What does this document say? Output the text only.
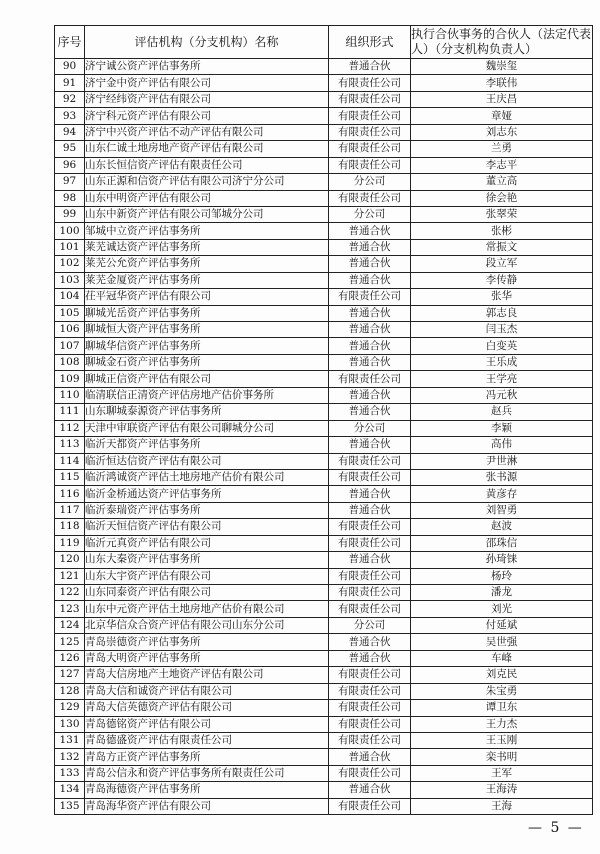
序号	评估机构（分支机构）名称	组织形式	执行合伙事务的合伙人（法定代表人）（分支机构负责人）
90	济宁诚公资产评估事务所	普通合伙	魏崇玺
91	济宁金中资产评估有限公司	有限责任公司	李联伟
92	济宁经纬资产评估有限公司	有限责任公司	王庆昌
93	济宁科元资产评估有限公司	有限责任公司	章娅
94	济宁中兴资产评估不动产评估有限公司	有限责任公司	刘志东
95	山东仁诚土地房地产资产评估有限公司	有限责任公司	兰勇
96	山东长恒信资产评估有限责任公司	有限责任公司	李志平
97	山东正源和信资产评估有限公司济宁分公司	分公司	董立高
98	山东中明资产评估有限公司	有限责任公司	徐会艳
99	山东中新资产评估有限公司邹城分公司	分公司	张翠荣
100	邹城中立资产评估事务所	普通合伙	张彬
101	莱芜诚达资产评估事务所	普通合伙	常振文
102	莱芜公允资产评估事务所	普通合伙	段立军
103	莱芜金厦资产评估事务所	普通合伙	李传静
104	茌平冠华资产评估有限公司	有限责任公司	张华
105	聊城光岳资产评估事务所	普通合伙	郭志良
106	聊城恒大资产评估事务所	普通合伙	闫玉杰
107	聊城华信资产评估事务所	普通合伙	白变英
108	聊城金石资产评估事务所	普通合伙	王乐成
109	聊城正信资产评估有限公司	有限责任公司	王学亮
110	临清联信正清资产评估房地产估价事务所	普通合伙	冯元秋
111	山东聊城泰源资产评估事务所	普通合伙	赵兵
112	天津中审联资产评估有限公司聊城分公司	分公司	李颖
113	临沂天都资产评估事务所	普通合伙	高伟
114	临沂恒达信资产评估有限公司	有限责任公司	尹世淋
115	临沂鸿诚资产评估土地房地产估价有限公司	有限责任公司	张书源
116	临沂金桥通达资产评估事务所	普通合伙	黄彦存
117	临沂泰瑞资产评估事务所	普通合伙	刘智勇
118	临沂天恒信资产评估有限公司	有限责任公司	赵波
119	临沂元真资产评估有限公司	有限责任公司	邵珠信
120	山东大秦资产评估事务所	普通合伙	孙琦铼
121	山东大宇资产评估有限公司	有限责任公司	杨玲
122	山东同泰资产评估有限公司	有限责任公司	潘龙
123	山东中元资产评估土地房地产估价有限公司	有限责任公司	刘光
124	北京华信众合资产评估有限公司山东分公司	分公司	付延斌
125	青岛崇德资产评估事务所	普通合伙	吴世强
126	青岛大明资产评估事务所	普通合伙	车峰
127	青岛大信房地产土地资产评估有限公司	有限责任公司	刘克民
128	青岛大信和诚资产评估有限公司	有限责任公司	朱宝勇
129	青岛大信英德资产评估有限公司	有限责任公司	谭卫东
130	青岛德铭资产评估有限公司	有限责任公司	王力杰
131	青岛德盛资产评估有限责任公司	有限责任公司	王玉刚
132	青岛方正资产评估事务所	普通合伙	栾书明
133	青岛公信永和资产评估事务所有限责任公司	有限责任公司	王军
134	青岛海德资产评估事务所	普通合伙	王海涛
135	青岛海华资产评估有限公司	有限责任公司	王海
— 5 —
